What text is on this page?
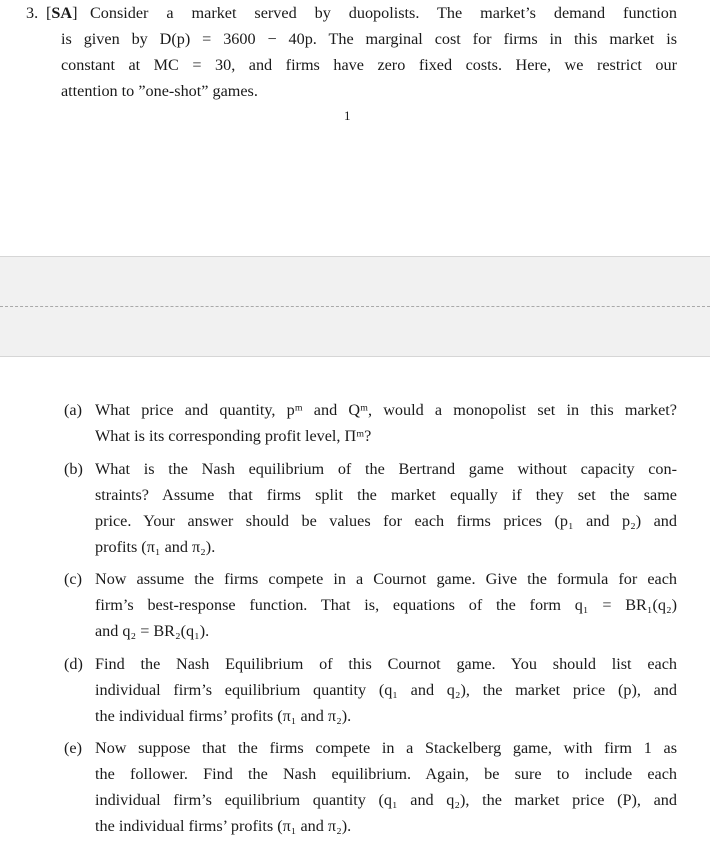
3. [SA] Consider a market served by duopolists. The market’s demand function
is given by D(p) = 3600 − 40p. The marginal cost for firms in this market is
constant at MC = 30, and firms have zero fixed costs. Here, we restrict our
attention to ”one-shot” games.
1
(a) What price and quantity, pᵐ and Qᵐ, would a monopolist set in this market?
What is its corresponding profit level, Πᵐ?
(b) What is the Nash equilibrium of the Bertrand game without capacity con-
straints? Assume that firms split the market equally if they set the same
price. Your answer should be values for each firms prices (p₁ and p₂) and
profits (π₁ and π₂).
(c) Now assume the firms compete in a Cournot game. Give the formula for each
firm’s best-response function. That is, equations of the form q₁ = BR₁(q₂)
and q₂ = BR₂(q₁).
(d) Find the Nash Equilibrium of this Cournot game. You should list each
individual firm’s equilibrium quantity (q₁ and q₂), the market price (p), and
the individual firms’ profits (π₁ and π₂).
(e) Now suppose that the firms compete in a Stackelberg game, with firm 1 as
the follower. Find the Nash equilibrium. Again, be sure to include each
individual firm’s equilibrium quantity (q₁ and q₂), the market price (P), and
the individual firms’ profits (π₁ and π₂).
